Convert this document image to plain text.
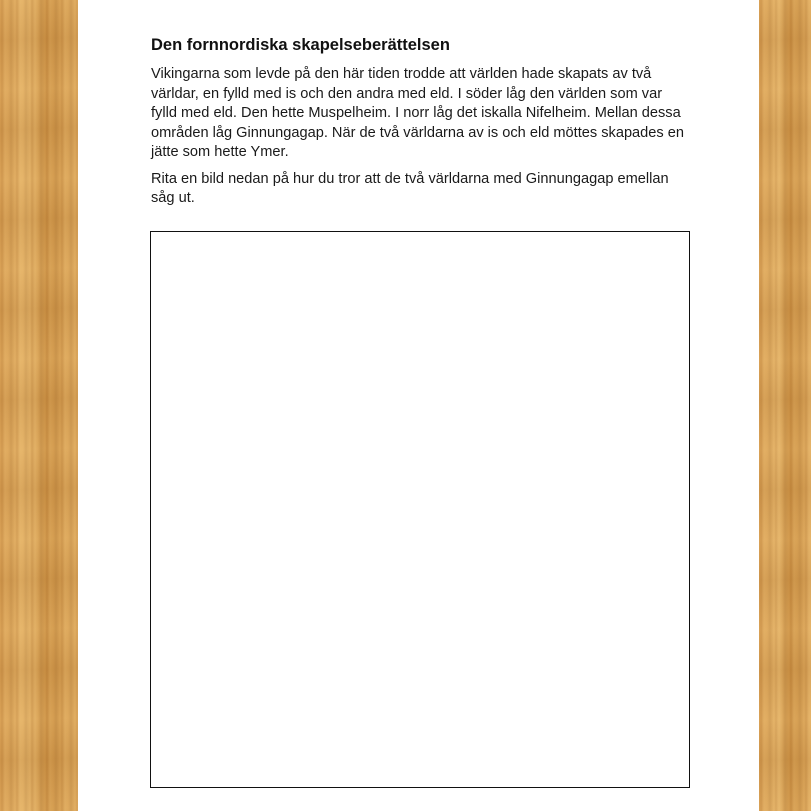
Den fornnordiska skapelseberättelsen

Vikingarna som levde på den här tiden trodde att världen hade skapats av två världar, en fylld med is och den andra med eld. I söder låg den världen som var fylld med eld. Den hette Muspelheim. I norr låg det iskalla Nifelheim. Mellan dessa områden låg Ginnungagap. När de två världarna av is och eld möttes skapades en jätte som hette Ymer.

Rita en bild nedan på hur du tror att de två världarna med Ginnungagap emellan såg ut.
